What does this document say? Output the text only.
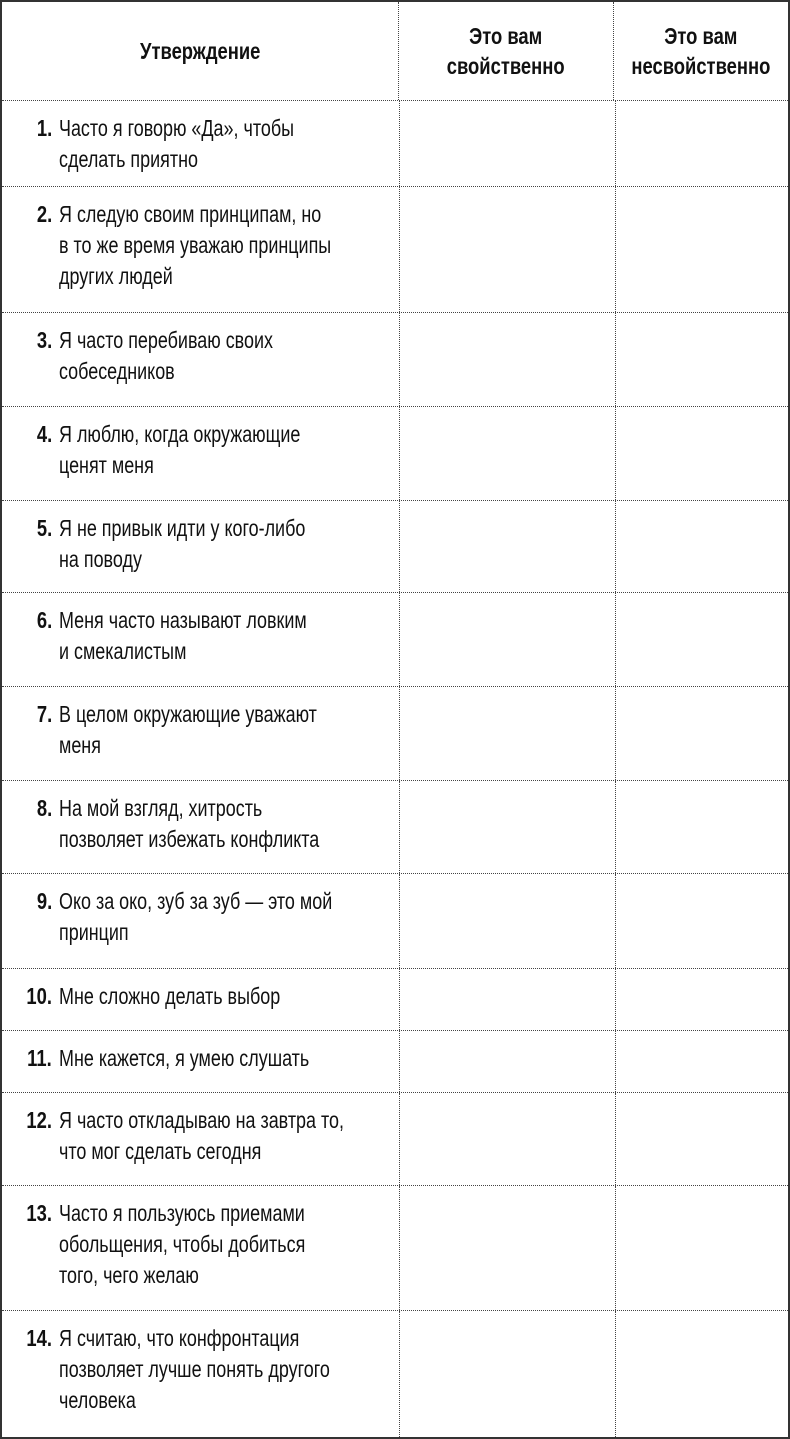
Утверждение
Это вам
свойственно
Это вам
несвойственно
1. Часто я говорю «Да», чтобы
сделать приятно
2. Я следую своим принципам, но
в то же время уважаю принципы
других людей
3. Я часто перебиваю своих
собеседников
4. Я люблю, когда окружающие
ценят меня
5. Я не привык идти у кого-либо
на поводу
6. Меня часто называют ловким
и смекалистым
7. В целом окружающие уважают
меня
8. На мой взгляд, хитрость
позволяет избежать конфликта
9. Око за око, зуб за зуб — это мой
принцип
10. Мне сложно делать выбор
11. Мне кажется, я умею слушать
12. Я часто откладываю на завтра то,
что мог сделать сегодня
13. Часто я пользуюсь приемами
обольщения, чтобы добиться
того, чего желаю
14. Я считаю, что конфронтация
позволяет лучше понять другого
человека
